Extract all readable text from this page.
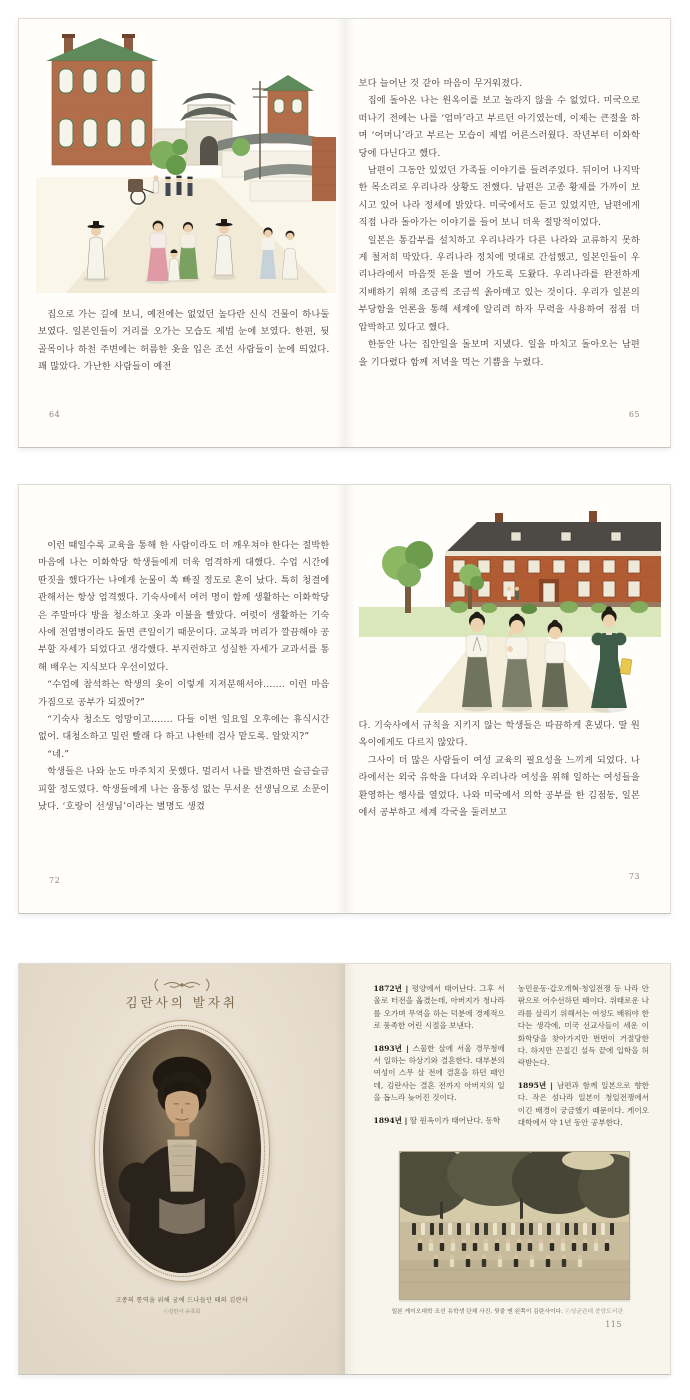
집으로 가는 길에 보니, 예전에는 없었던 높다란 신식 건물이 하나둘 보였다. 일본인들이 거리를 오가는 모습도 제법 눈에 보였다. 한편, 뒷골목이나 하천 주변에는 허름한 옷을 입은 조선 사람들이 눈에 띄었다. 꽤 많았다. 가난한 사람들이 예전

64

보다 늘어난 것 같아 마음이 무거워졌다.

집에 돌아온 나는 원옥이를 보고 놀라지 않을 수 없었다. 미국으로 떠나기 전에는 나를 ‘엄마’라고 부르던 아기였는데, 이제는 큰절을 하며 ‘어머니’라고 부르는 모습이 제법 어른스러웠다. 작년부터 이화학당에 다닌다고 했다.

남편이 그동안 있었던 가족들 이야기를 들려주었다. 뒤이어 나지막한 목소리로 우리나라 상황도 전했다. 남편은 고종 황제를 가까이 보시고 있어 나라 정세에 밝았다. 미국에서도 듣고 있었지만, 남편에게 직접 나라 돌아가는 이야기를 들어 보니 더욱 절망적이었다.

일본은 통감부를 설치하고 우리나라가 다른 나라와 교류하지 못하게 철저히 막았다. 우리나라 정치에 멋대로 간섭했고, 일본인들이 우리나라에서 마음껏 돈을 벌어 가도록 도왔다. 우리나라를 완전하게 지배하기 위해 조금씩 조금씩 옭아매고 있는 것이다. 우리가 일본의 부당함을 언론을 통해 세계에 알리려 하자 무력을 사용하여 점점 더 압박하고 있다고 했다.

한동안 나는 집안일을 돌보며 지냈다. 일을 마치고 돌아오는 남편을 기다렸다 함께 저녁을 먹는 기쁨을 누렸다.

65

이런 때일수록 교육을 통해 한 사람이라도 더 깨우쳐야 한다는 절박한 마음에 나는 이화학당 학생들에게 더욱 엄격하게 대했다. 수업 시간에 딴짓을 했다가는 나에게 눈물이 쏙 빠질 정도로 혼이 났다. 특히 청결에 관해서는 항상 엄격했다. 기숙사에서 여러 명이 함께 생활하는 이화학당은 주말마다 방을 청소하고 옷과 이불을 빨았다. 여럿이 생활하는 기숙사에 전염병이라도 돌면 큰일이기 때문이다. 교복과 머리가 깔끔해야 공부할 자세가 되었다고 생각했다. 부지런하고 성실한 자세가 교과서를 통해 배우는 지식보다 우선이었다.

“수업에 참석하는 학생의 옷이 이렇게 지저분해서야……. 이런 마음가짐으로 공부가 되겠어?”

“기숙사 청소도 엉망이고……. 다들 이번 일요일 오후에는 휴식시간 없어. 대청소하고 밀린 빨래 다 하고 나한테 검사 맡도록. 알았지?”

“네.”

학생들은 나와 눈도 마주치지 못했다. 멀리서 나를 발견하면 슬금슬금 피할 정도였다. 학생들에게 나는 융통성 없는 무서운 선생님으로 소문이 났다. ‘호랑이 선생님’이라는 별명도 생겼

72

다. 기숙사에서 규칙을 지키지 않는 학생들은 따끔하게 혼냈다. 딸 원옥이에게도 다르지 않았다.

그사이 더 많은 사람들이 여성 교육의 필요성을 느끼게 되었다. 나라에서는 외국 유학을 다녀와 우리나라 여성을 위해 일하는 여성들을 환영하는 행사를 열었다. 나와 미국에서 의학 공부를 한 김점동, 일본에서 공부하고 세계 각국을 둘러보고

73
김란사의 발자취
고종의 통역을 위해 궁에 드나들던 때의 김란사
ⓒ김란사 유족회
1872년 | 평양에서 태어난다. 그후 서울로 터전을 옮겼는데, 아버지가 청나라를 오가며 무역을 하는 덕분에 경제적으로 풍족한 어린 시절을 보낸다.
1893년 | 스물한 살에 서울 경무청에서 일하는 하상기와 결혼한다. 대부분의 여성이 스무 살 전에 결혼을 하던 때인데, 김란사는 결혼 전까지 아버지의 일을 돕느라 늦어진 것이다.
1894년 | 딸 원옥이가 태어난다. 동학
농민운동·갑오개혁·청일전쟁 등 나라 안팎으로 어수선하던 때이다. 위태로운 나라를 살리기 위해서는 여성도 배워야 한다는 생각에, 미국 선교사들이 세운 이화학당을 찾아가지만 번번이 거절당한다. 하지만 끈질긴 설득 끝에 입학을 허락받는다.
1895년 | 남편과 함께 일본으로 향한다. 작은 섬나라 일본이 청일전쟁에서 이긴 배경이 궁금했기 때문이다. 게이오대학에서 약 1년 동안 공부한다.
일본 게이오대학 조선 유학생 단체 사진. 뒷줄 맨 왼쪽이 김란사이다. ⓒ성균관대 중앙도서관
115
